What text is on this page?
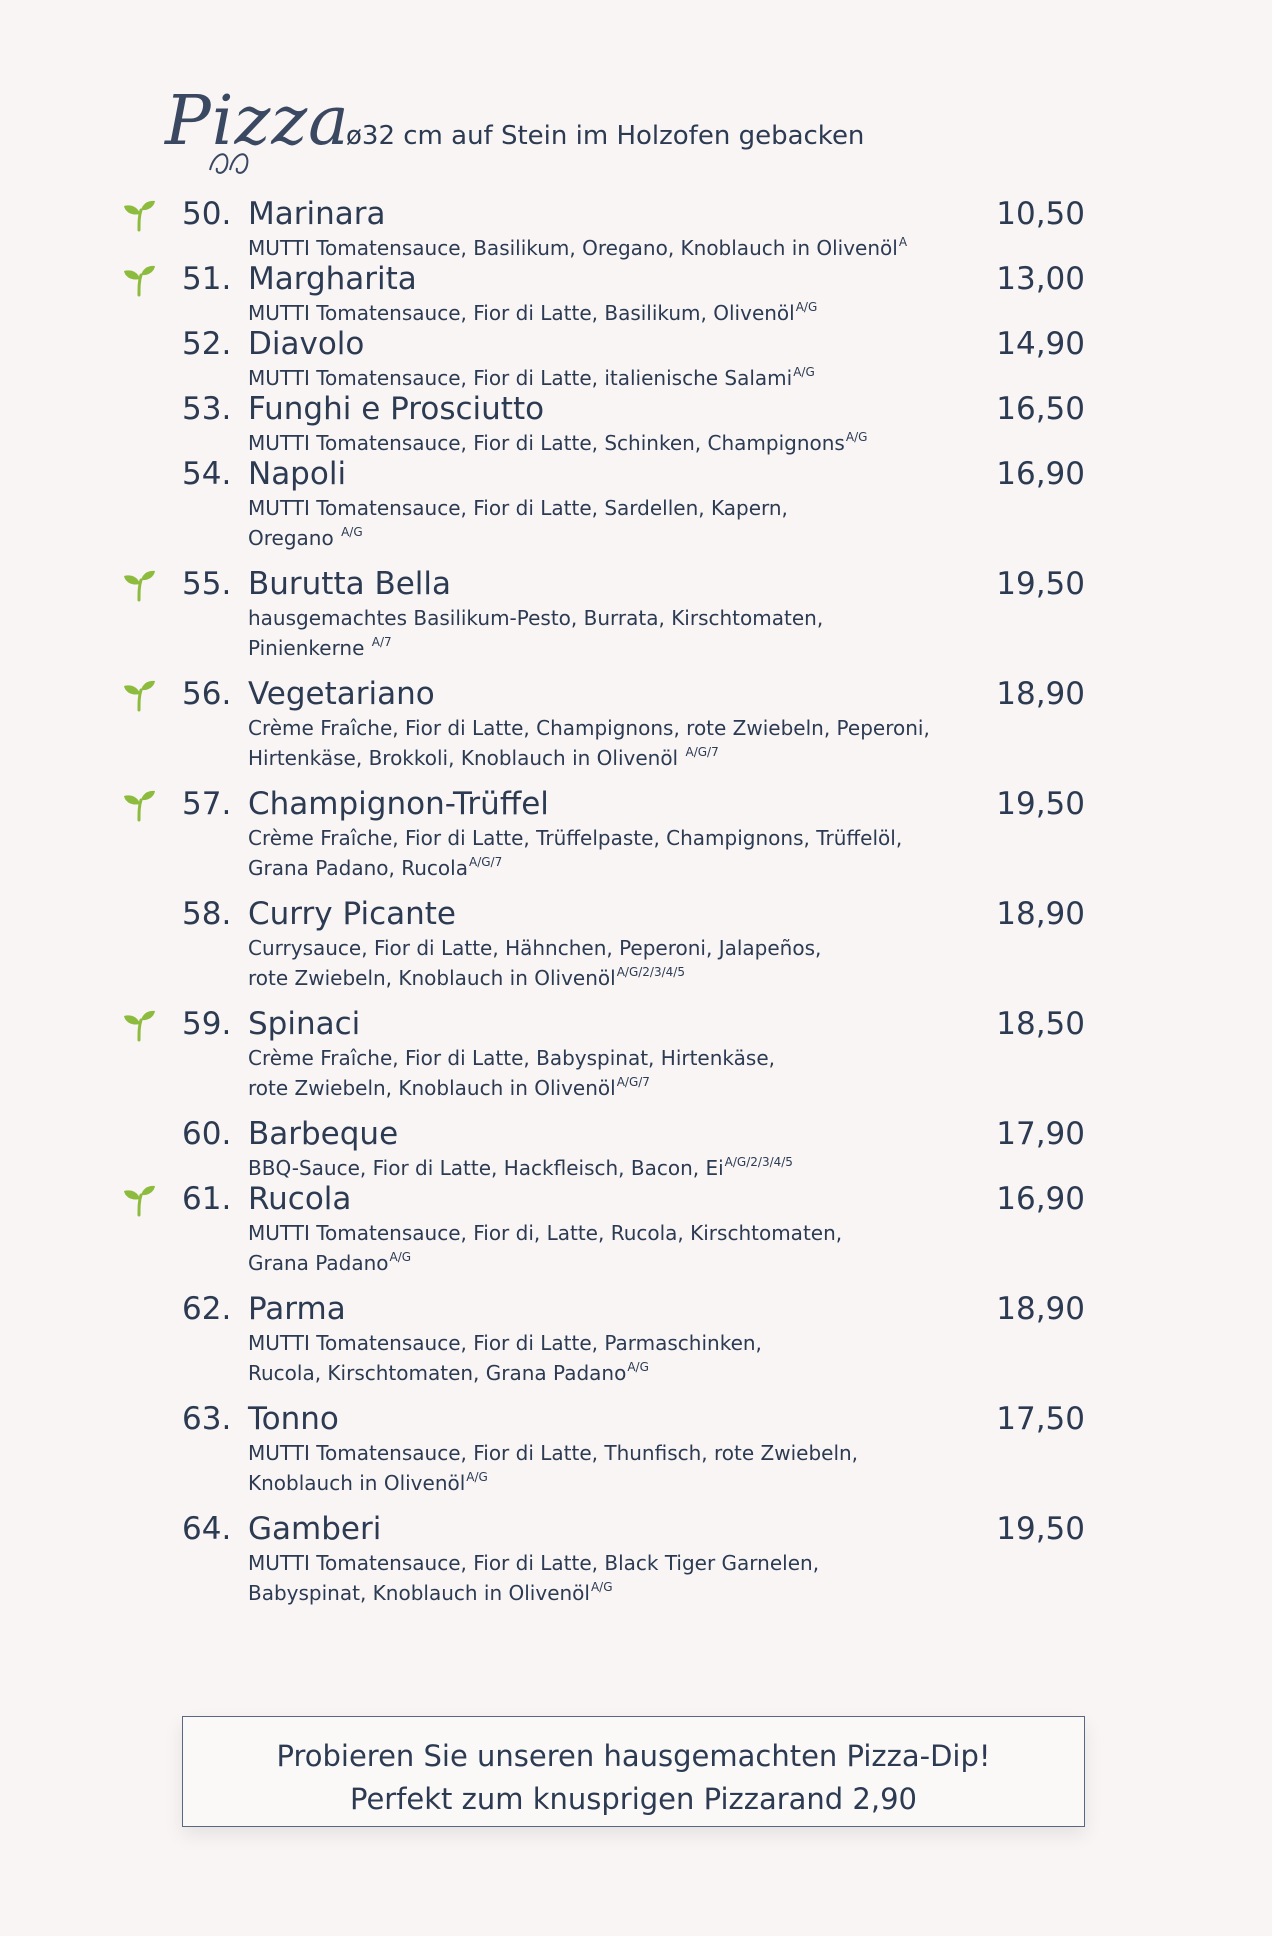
Pizza
ø32 cm auf Stein im Holzofen gebacken
50. Marinara	10,50
MUTTI Tomatensauce, Basilikum, Oregano, Knoblauch in Olivenöl$^A$
51. Margharita	13,00
MUTTI Tomatensauce, Fior di Latte, Basilikum, Olivenöl$^{A/G}$
52. Diavolo	14,90
MUTTI Tomatensauce, Fior di Latte, italienische Salami$^{A/G}$
53. Funghi e Prosciutto	16,50
MUTTI Tomatensauce, Fior di Latte, Schinken, Champignons$^{A/G}$
54. Napoli	16,90
MUTTI Tomatensauce, Fior di Latte, Sardellen, Kapern,
Oregano $^{A/G}$
55. Burutta Bella	19,50
hausgemachtes Basilikum-Pesto, Burrata, Kirschtomaten,
Pinienkerne $^{A/7}$
56. Vegetariano	18,90
Crème Fraîche, Fior di Latte, Champignons, rote Zwiebeln, Peperoni,
Hirtenkäse, Brokkoli, Knoblauch in Olivenöl $^{A/G/7}$
57. Champignon-Trüffel	19,50
Crème Fraîche, Fior di Latte, Trüffelpaste, Champignons, Trüffelöl,
Grana Padano, Rucola$^{A/G/7}$
58. Curry Picante	18,90
Currysauce, Fior di Latte, Hähnchen, Peperoni, Jalapeños,
rote Zwiebeln, Knoblauch in Olivenöl$^{A/G/2/3/4/5}$
59. Spinaci	18,50
Crème Fraîche, Fior di Latte, Babyspinat, Hirtenkäse,
rote Zwiebeln, Knoblauch in Olivenöl$^{A/G/7}$
60. Barbeque	17,90
BBQ-Sauce, Fior di Latte, Hackfleisch, Bacon, $Ei^{A/G/2/3/4/5}$
61. Rucola	16,90
MUTTI Tomatensauce, Fior di, Latte, Rucola, Kirschtomaten,
Grana Padano$^{A/G}$
62. Parma	18,90
MUTTI Tomatensauce, Fior di Latte, Parmaschinken,
Rucola, Kirschtomaten, Grana Padano$^{A/G}$
63. Tonno	17,50
MUTTI Tomatensauce, Fior di Latte, Thunfisch, rote Zwiebeln,
Knoblauch in Olivenöl$^{A/G}$
64. Gamberi	19,50
MUTTI Tomatensauce, Fior di Latte, Black Tiger Garnelen,
Babyspinat, Knoblauch in Olivenöl$^{A/G}$
Probieren Sie unseren hausgemachten Pizza-Dip!
Perfekt zum knusprigen Pizzarand 2,90
